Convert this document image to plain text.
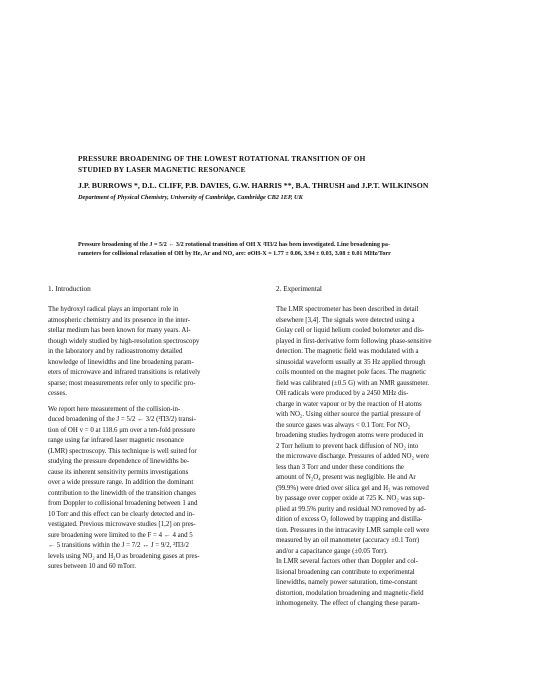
PRESSURE BROADENING OF THE LOWEST ROTATIONAL TRANSITION OF OH
STUDIED BY LASER MAGNETIC RESONANCE
J.P. BURROWS *, D.L. CLIFF, P.B. DAVIES, G.W. HARRIS **, B.A. THRUSH and J.P.T. WILKINSON
Department of Physical Chemistry, University of Cambridge, Cambridge CB2 1EP, UK
Pressure broadening of the J = 5/2 ← 3/2 rotational transition of OH X ²Π3/2 has been investigated. Line broadening pa-
rameters for collisional relaxation of OH by He, Ar and NO₂ are: σOH-X = 1.77 ± 0.06, 3.94 ± 0.03, 3.08 ± 0.01 MHz/Torr
1. Introduction
The hydroxyl radical plays an important role in
atmospheric chemistry and its presence in the inter-
stellar medium has been known for many years. Al-
though widely studied by high-resolution spectroscopy
in the laboratory and by radioastronomy detailed
knowledge of linewidths and line broadening param-
eters of microwave and infrared transitions is relatively
sparse; most measurements refer only to specific pro-
cesses.
We report here measurement of the collision-in-
duced broadening of the J = 5/2 ← 3/2 (²Π3/2) transi-
tion of OH v = 0 at 118.6 μm over a ten-fold pressure
range using far infrared laser magnetic resonance
(LMR) spectroscopy. This technique is well suited for
studying the pressure dependence of linewidths be-
cause its inherent sensitivity permits investigations
over a wide pressure range. In addition the dominant
contribution to the linewidth of the transition changes
from Doppler to collisional broadening between 1 and
10 Torr and this effect can be clearly detected and in-
vestigated. Previous microwave studies [1,2] on pres-
sure broadening were limited to the F = 4 ← 4 and 5
← 5 transitions within the J = 7/2 ↔ J = 9/2, ²Π3/2
levels using NO₂ and H₂O as broadening gases at pres-
sures between 10 and 60 mTorr.
2. Experimental
The LMR spectrometer has been described in detail
elsewhere [3,4]. The signals were detected using a
Golay cell or liquid helium cooled bolometer and dis-
played in first-derivative form following phase-sensitive
detection. The magnetic field was modulated with a
sinusoidal waveform usually at 35 Hz applied through
coils mounted on the magnet pole faces. The magnetic
field was calibrated (±0.5 G) with an NMR gaussmeter.
OH radicals were produced by a 2450 MHz dis-
charge in water vapour or by the reaction of H atoms
with NO₂. Using either source the partial pressure of
the source gases was always < 0.1 Torr. For NO₂
broadening studies hydrogen atoms were produced in
2 Torr helium to prevent back diffusion of NO₂ into
the microwave discharge. Pressures of added NO₂ were
less than 3 Torr and under these conditions the
amount of N₂O₄ present was negligible. He and Ar
(99.9%) were dried over silica gel and H₂ was removed
by passage over copper oxide at 725 K. NO₂ was sup-
plied at 99.5% purity and residual NO removed by ad-
dition of excess O₂ followed by trapping and distilla-
tion. Pressures in the intracavity LMR sample cell were
measured by an oil manometer (accuracy ±0.1 Torr)
and/or a capacitance gauge (±0.05 Torr).
In LMR several factors other than Doppler and col-
lisional broadening can contribute to experimental
linewidths, namely power saturation, time-constant
distortion, modulation broadening and magnetic-field
inhomogeneity. The effect of changing these param-
